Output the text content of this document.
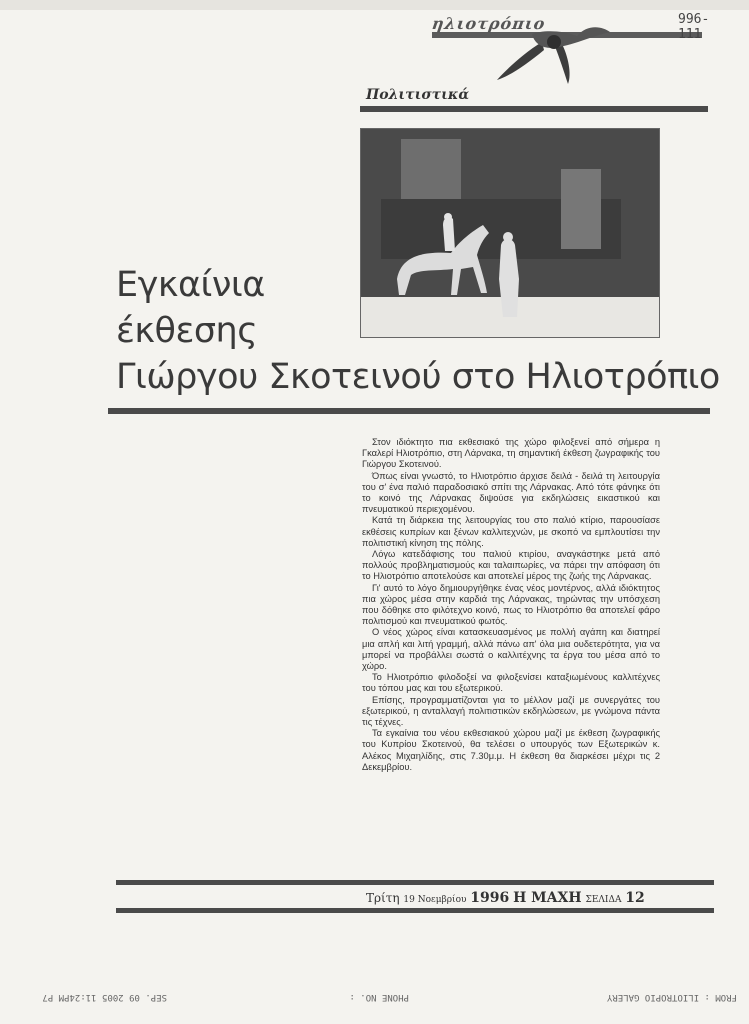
ηλιοτρόπιο	996-111
Πολιτιστικά
Εγκαίνια
έκθεσης
Γιώργου Σκοτεινού στο Ηλιοτρόπιο

Στον ιδιόκτητο πια εκθεσιακό της χώρο φιλοξενεί από σήμερα η Γκαλερί Ηλιοτρόπιο, στη Λάρνακα, τη σημαντική έκθεση ζωγραφικής του Γιώργου Σκοτεινού.

Όπως είναι γνωστό, το Ηλιοτρόπιο άρχισε δειλά - δειλά τη λειτουργία του σ' ένα παλιό παραδοσιακό σπίτι της Λάρνακας. Από τότε φάνηκε ότι το κοινό της Λάρνακας διψούσε για εκδηλώσεις εικαστικού και πνευματικού περιεχομένου.

Κατά τη διάρκεια της λειτουργίας του στο παλιό κτίριο, παρουσίασε εκθέσεις κυπρίων και ξένων καλλιτεχνών, με σκοπό να εμπλουτίσει την πολιτιστική κίνηση της πόλης.

Λόγω κατεδάφισης του παλιού κτιρίου, αναγκάστηκε μετά από πολλούς προβληματισμούς και ταλαιπωρίες, να πάρει την απόφαση ότι το Ηλιοτρόπιο αποτελούσε και αποτελεί μέρος της ζωής της Λάρνακας.

Γι' αυτό το λόγο δημιουργήθηκε ένας νέος μοντέρνος, αλλά ιδιόκτητος πια χώρος μέσα στην καρδιά της Λάρνακας, τηρώντας την υπόσχεση που δόθηκε στο φιλότεχνο κοινό, πως το Ηλιοτρόπιο θα αποτελεί φάρο πολιτισμού και πνευματικού φωτός.

Ο νέος χώρος είναι κατασκευασμένος με πολλή αγάπη και διατηρεί μια απλή και λιτή γραμμή, αλλά πάνω απ' όλα μια ουδετερότητα, για να μπορεί να προβάλλει σωστά ο καλλιτέχνης τα έργα του μέσα από το χώρο.

Το Ηλιοτρόπιο φιλοδοξεί να φιλοξενίσει καταξιωμένους καλλιτέχνες του τόπου μας και του εξωτερικού.

Επίσης, προγραμματίζονται για το μέλλον μαζί με συνεργάτες του εξωτερικού, η ανταλλαγή πολιτιστικών εκδηλώσεων, με γνώμονα πάντα τις τέχνες.

Τα εγκαίνια του νέου εκθεσιακού χώρου μαζί με έκθεση ζωγραφικής του Κυπρίου Σκοτεινού, θα τελέσει ο υπουργός των Εξωτερικών κ. Αλέκος Μιχαηλίδης, στις 7.30μ.μ. Η έκθεση θα διαρκέσει μέχρι τις 2 Δεκεμβρίου.

Τρίτη 19 Νοεμβρίου 1996 Η ΜΑΧΗ ΣΕΛΙΔΑ 12
FROM : ILIOTROPIO GALERY
PHONE NO. :
SEP. 09 2005 11:24PM P7
